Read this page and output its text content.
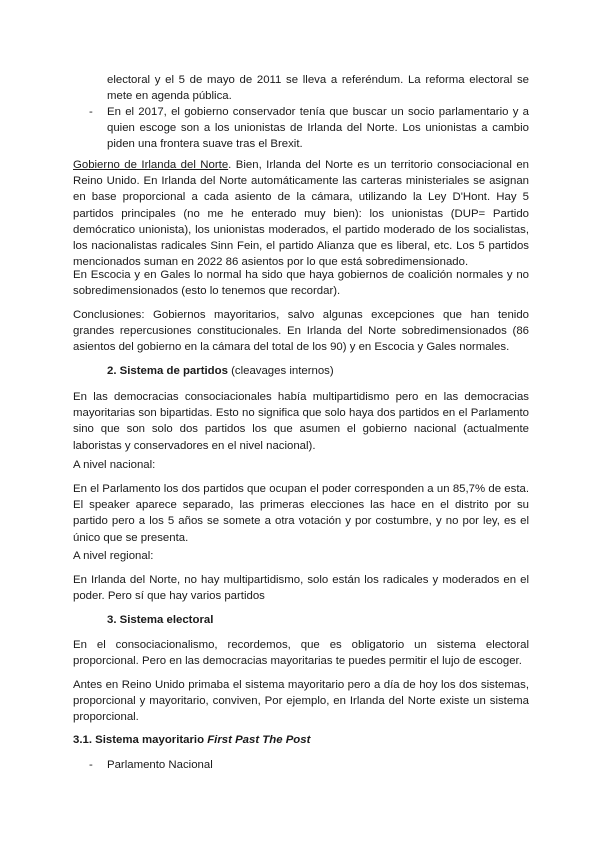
electoral y el 5 de mayo de 2011 se lleva a referéndum. La reforma electoral se mete en agenda pública.

- En el 2017, el gobierno conservador tenía que buscar un socio parlamentario y a quien escoge son a los unionistas de Irlanda del Norte. Los unionistas a cambio piden una frontera suave tras el Brexit.

Gobierno de Irlanda del Norte. Bien, Irlanda del Norte es un territorio consociacional en Reino Unido. En Irlanda del Norte automáticamente las carteras ministeriales se asignan en base proporcional a cada asiento de la cámara, utilizando la Ley D'Hont. Hay 5 partidos principales (no me he enterado muy bien): los unionistas (DUP= Partido demócratico unionista), los unionistas moderados, el partido moderado de los socialistas, los nacionalistas radicales Sinn Fein, el partido Alianza que es liberal, etc. Los 5 partidos mencionados suman en 2022 86 asientos por lo que está sobredimensionado.

En Escocia y en Gales lo normal ha sido que haya gobiernos de coalición normales y no sobredimensionados (esto lo tenemos que recordar).

Conclusiones: Gobiernos mayoritarios, salvo algunas excepciones que han tenido grandes repercusiones constitucionales. En Irlanda del Norte sobredimensionados (86 asientos del gobierno en la cámara del total de los 90) y en Escocia y Gales normales.

2. Sistema de partidos (cleavages internos)

En las democracias consociacionales había multipartidismo pero en las democracias mayoritarias son bipartidas. Esto no significa que solo haya dos partidos en el Parlamento sino que son solo dos partidos los que asumen el gobierno nacional (actualmente laboristas y conservadores en el nivel nacional).

A nivel nacional:

En el Parlamento los dos partidos que ocupan el poder corresponden a un 85,7% de esta. El speaker aparece separado, las primeras elecciones las hace en el distrito por su partido pero a los 5 años se somete a otra votación y por costumbre, y no por ley, es el único que se presenta.

A nivel regional:

En Irlanda del Norte, no hay multipartidismo, solo están los radicales y moderados en el poder. Pero sí que hay varios partidos

3. Sistema electoral

En el consociacionalismo, recordemos, que es obligatorio un sistema electoral proporcional. Pero en las democracias mayoritarias te puedes permitir el lujo de escoger.

Antes en Reino Unido primaba el sistema mayoritario pero a día de hoy los dos sistemas, proporcional y mayoritario, conviven, Por ejemplo, en Irlanda del Norte existe un sistema proporcional.

3.1. Sistema mayoritario First Past The Post
- Parlamento Nacional
